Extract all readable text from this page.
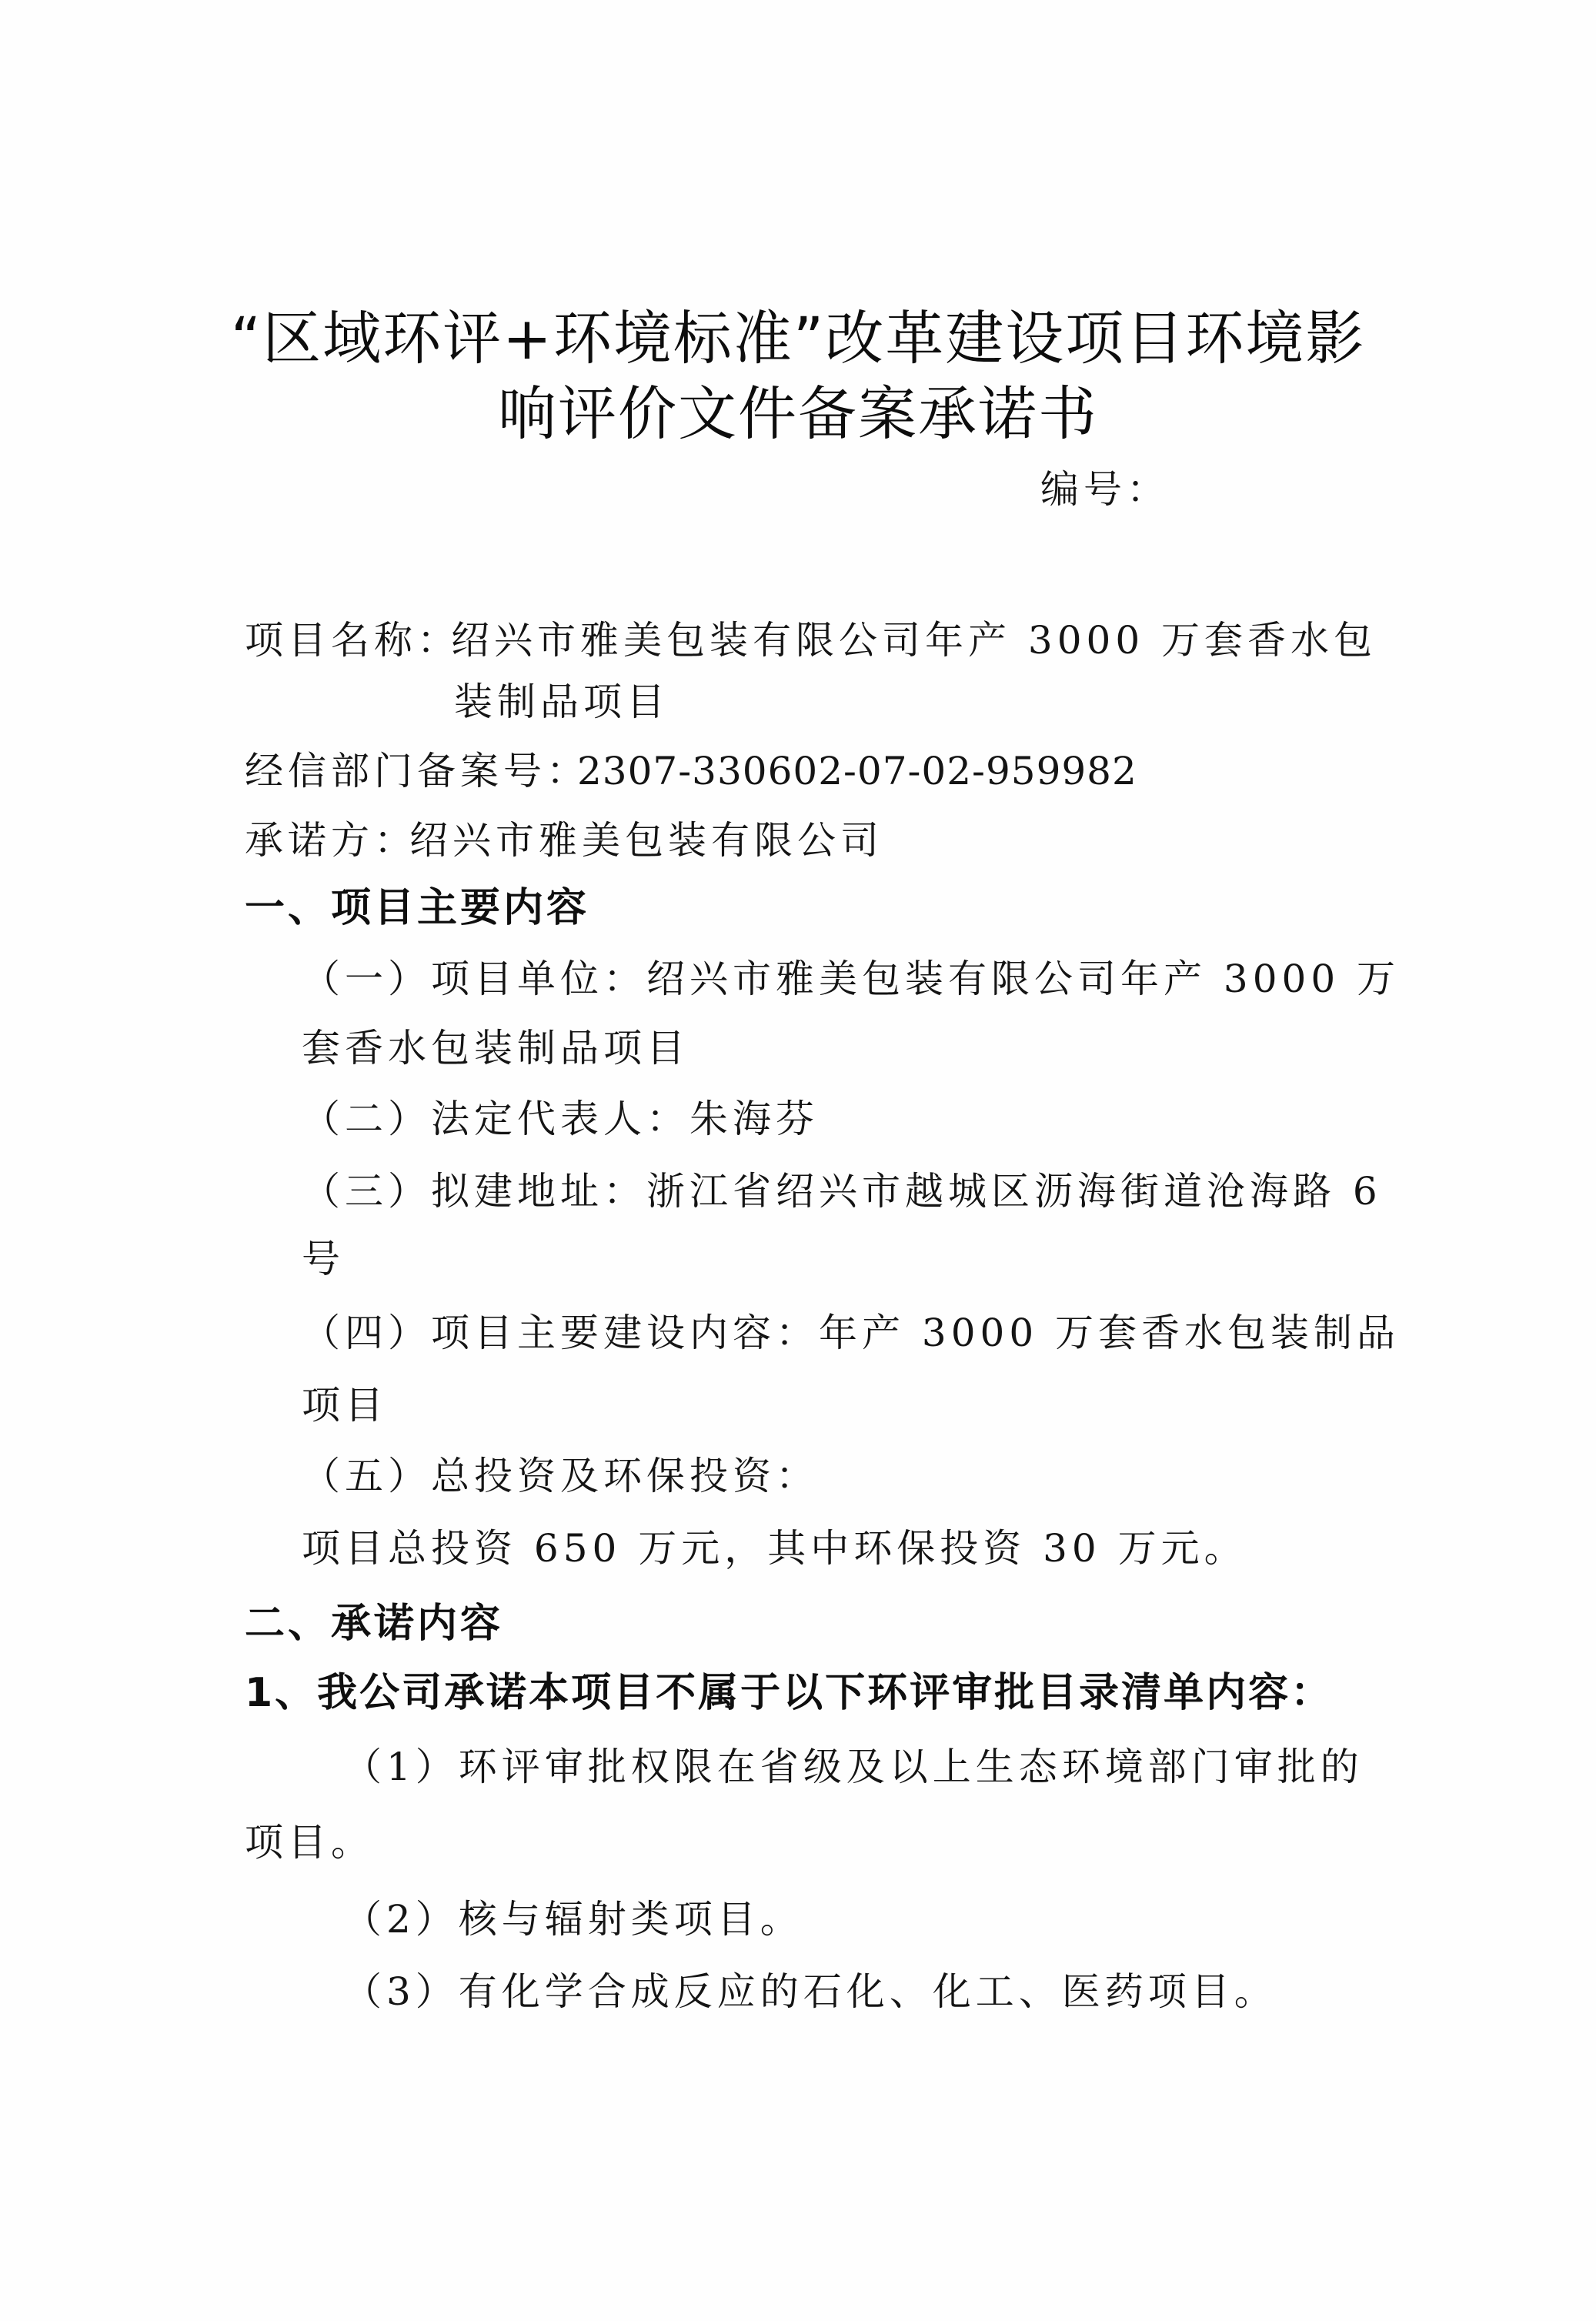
“区域环评+环境标准”改革建设项目环境影
响评价文件备案承诺书
编号：
项目名称：
绍兴市雅美包装有限公司年产 3000 万套香水包
装制品项目
经信部门备案号：
2307-330602-07-02-959982
承诺方：
绍兴市雅美包装有限公司
一、项目主要内容
（一）项目单位：绍兴市雅美包装有限公司年产 3000 万
套香水包装制品项目
（二）法定代表人：朱海芬
（三）拟建地址：浙江省绍兴市越城区沥海街道沧海路 6
号
（四）项目主要建设内容：年产 3000 万套香水包装制品
项目
（五）总投资及环保投资：
项目总投资 650 万元，其中环保投资 30 万元。
二、承诺内容
1、我公司承诺本项目不属于以下环评审批目录清单内容：
（1）环评审批权限在省级及以上生态环境部门审批的
项目。
（2）核与辐射类项目。
（3）有化学合成反应的石化、化工、医药项目。
